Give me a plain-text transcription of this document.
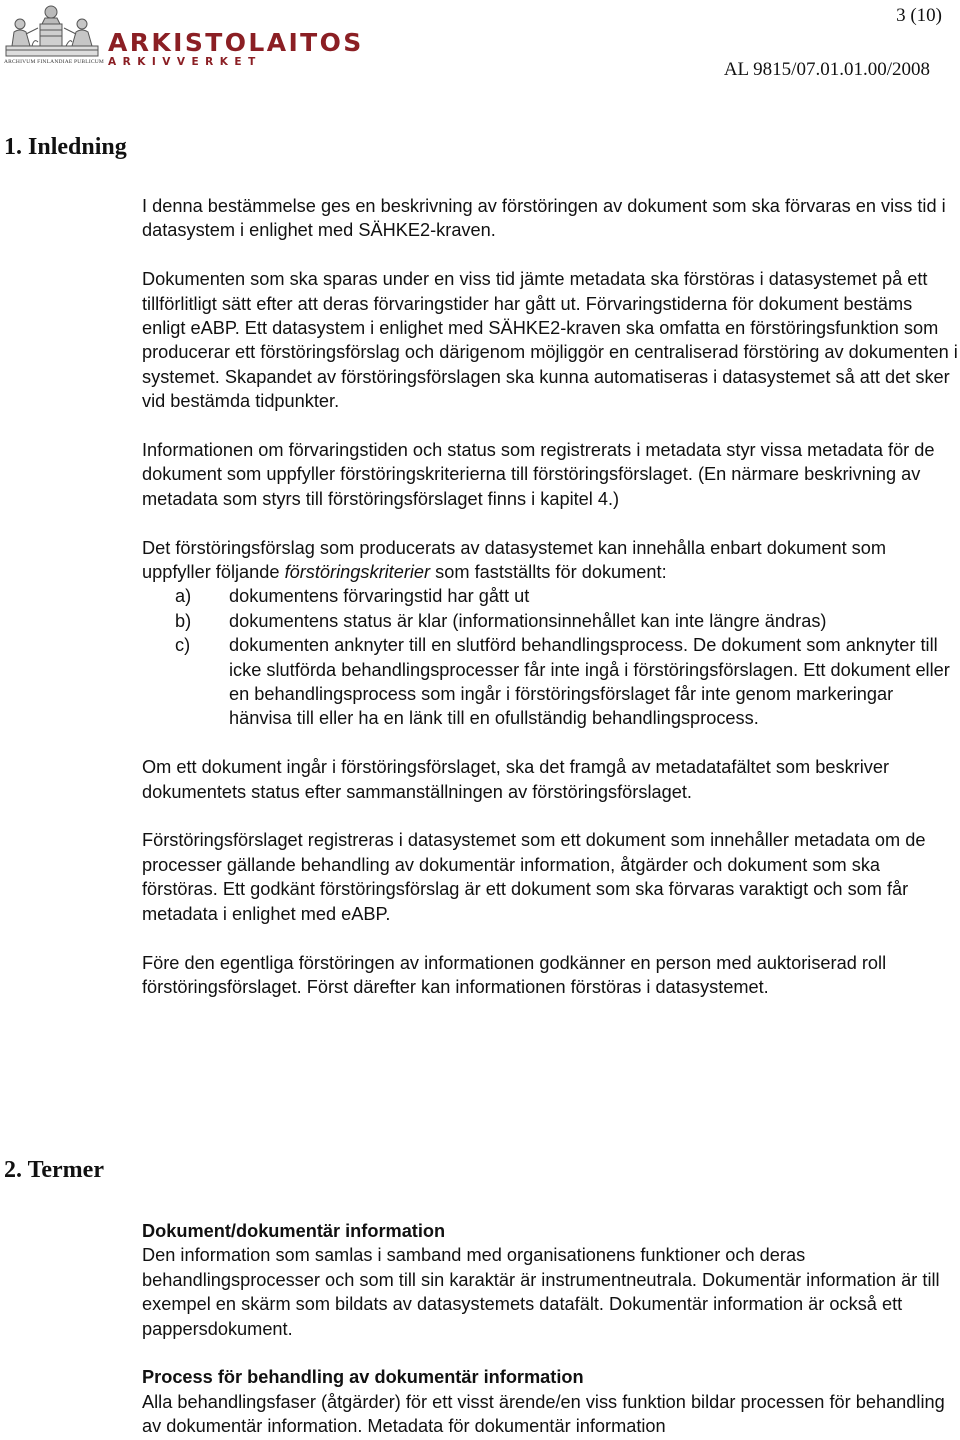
ARCHIVUM FINLANDIAE PUBLICUM
ARKISTOLAITOS
ARKIVVERKET
3 (10)
AL 9815/07.01.01.00/2008
1. Inledning

I denna bestämmelse ges en beskrivning av förstöringen av dokument som ska förvaras en viss tid i datasystem i enlighet med SÄHKE2-kraven.

Dokumenten som ska sparas under en viss tid jämte metadata ska förstöras i datasystemet på ett tillförlitligt sätt efter att deras förvaringstider har gått ut. Förvaringstiderna för dokument bestäms enligt eABP. Ett datasystem i enlighet med SÄHKE2-kraven ska omfatta en förstöringsfunktion som producerar ett förstöringsförslag och därigenom möjliggör en centraliserad förstöring av dokumenten i systemet. Skapandet av förstöringsförslagen ska kunna automatiseras i datasystemet så att det sker vid bestämda tidpunkter.

Informationen om förvaringstiden och status som registrerats i metadata styr vissa metadata för de dokument som uppfyller förstöringskriterierna till förstöringsförslaget. (En närmare beskrivning av metadata som styrs till förstöringsförslaget finns i kapitel 4.)

Det förstöringsförslag som producerats av datasystemet kan innehålla enbart dokument som uppfyller följande förstöringskriterier som fastställts för dokument:

a) dokumentens förvaringstid har gått ut
b) dokumentens status är klar (informationsinnehållet kan inte längre ändras)
c) dokumenten anknyter till en slutförd behandlingsprocess. De dokument som anknyter till icke slutförda behandlingsprocesser får inte ingå i förstöringsförslagen. Ett dokument eller en behandlingsprocess som ingår i förstöringsförslaget får inte genom markeringar hänvisa till eller ha en länk till en ofullständig behandlingsprocess.

Om ett dokument ingår i förstöringsförslaget, ska det framgå av metadatafältet som beskriver dokumentets status efter sammanställningen av förstöringsförslaget.

Förstöringsförslaget registreras i datasystemet som ett dokument som innehåller metadata om de processer gällande behandling av dokumentär information, åtgärder och dokument som ska förstöras. Ett godkänt förstöringsförslag är ett dokument som ska förvaras varaktigt och som får metadata i enlighet med eABP.

Före den egentliga förstöringen av informationen godkänner en person med auktoriserad roll förstöringsförslaget. Först därefter kan informationen förstöras i datasystemet.

2. Termer

Dokument/dokumentär information

Den information som samlas i samband med organisationens funktioner och deras behandlingsprocesser och som till sin karaktär är instrumentneutrala. Dokumentär information är till exempel en skärm som bildats av datasystemets datafält. Dokumentär information är också ett pappersdokument.

Process för behandling av dokumentär information

Alla behandlingsfaser (åtgärder) för ett visst ärende/en viss funktion bildar processen för behandling av dokumentär information. Metadata för dokumentär information
